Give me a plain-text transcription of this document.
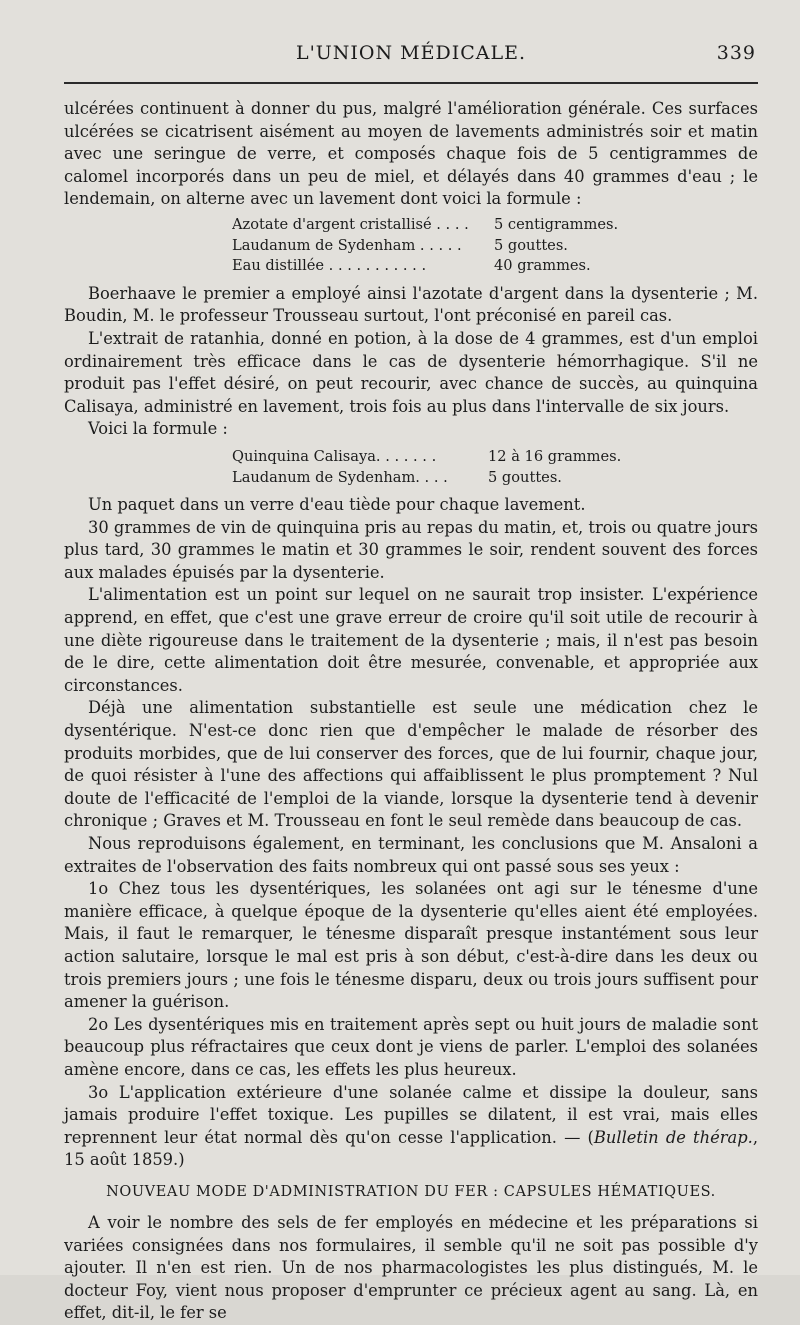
L'UNION MÉDICALE.	339

ulcérées continuent à donner du pus, malgré l'amélioration générale. Ces surfaces ulcérées se cicatrisent aisément au moyen de lavements administrés soir et matin avec une seringue de verre, et composés chaque fois de 5 centigrammes de calomel incorporés dans un peu de miel, et délayés dans 40 grammes d'eau ; le lendemain, on alterne avec un lavement dont voici la formule :

Azotate d'argent cristallisé . . . .	5 centigrammes.
Laudanum de Sydenham . . . . .	5 gouttes.
Eau distillée . . . . . . . . . . .	40 grammes.

Boerhaave le premier a employé ainsi l'azotate d'argent dans la dysenterie ; M. Boudin, M. le professeur Trousseau surtout, l'ont préconisé en pareil cas.

L'extrait de ratanhia, donné en potion, à la dose de 4 grammes, est d'un emploi ordinairement très efficace dans le cas de dysenterie hémorrhagique. S'il ne produit pas l'effet désiré, on peut recourir, avec chance de succès, au quinquina Calisaya, administré en lavement, trois fois au plus dans l'intervalle de six jours.

Voici la formule :

Quinquina Calisaya. . . . . . .	12 à 16 grammes.
Laudanum de Sydenham. . . .	5 gouttes.

Un paquet dans un verre d'eau tiède pour chaque lavement.

30 grammes de vin de quinquina pris au repas du matin, et, trois ou quatre jours plus tard, 30 grammes le matin et 30 grammes le soir, rendent souvent des forces aux malades épuisés par la dysenterie.

L'alimentation est un point sur lequel on ne saurait trop insister. L'expérience apprend, en effet, que c'est une grave erreur de croire qu'il soit utile de recourir à une diète rigoureuse dans le traitement de la dysenterie ; mais, il n'est pas besoin de le dire, cette alimentation doit être mesurée, convenable, et appropriée aux circonstances.

Déjà une alimentation substantielle est seule une médication chez le dysentérique. N'est-ce donc rien que d'empêcher le malade de résorber des produits morbides, que de lui conserver des forces, que de lui fournir, chaque jour, de quoi résister à l'une des affections qui affaiblissent le plus promptement ? Nul doute de l'efficacité de l'emploi de la viande, lorsque la dysenterie tend à devenir chronique ; Graves et M. Trousseau en font le seul remède dans beaucoup de cas.

Nous reproduisons également, en terminant, les conclusions que M. Ansaloni a extraites de l'observation des faits nombreux qui ont passé sous ses yeux :

1o Chez tous les dysentériques, les solanées ont agi sur le ténesme d'une manière efficace, à quelque époque de la dysenterie qu'elles aient été employées. Mais, il faut le remarquer, le ténesme disparaît presque instantément sous leur action salutaire, lorsque le mal est pris à son début, c'est-à-dire dans les deux ou trois premiers jours ; une fois le ténesme disparu, deux ou trois jours suffisent pour amener la guérison.

2o Les dysentériques mis en traitement après sept ou huit jours de maladie sont beaucoup plus réfractaires que ceux dont je viens de parler. L'emploi des solanées amène encore, dans ce cas, les effets les plus heureux.

3o L'application extérieure d'une solanée calme et dissipe la douleur, sans jamais produire l'effet toxique. Les pupilles se dilatent, il est vrai, mais elles reprennent leur état normal dès qu'on cesse l'application. — (Bulletin de thérap., 15 août 1859.)

NOUVEAU MODE D'ADMINISTRATION DU FER : CAPSULES HÉMATIQUES.

A voir le nombre des sels de fer employés en médecine et les préparations si variées consignées dans nos formulaires, il semble qu'il ne soit pas possible d'y ajouter. Il n'en est rien. Un de nos pharmacologistes les plus distingués, M. le docteur Foy, vient nous proposer d'emprunter ce précieux agent au sang. Là, en effet, dit-il, le fer se
